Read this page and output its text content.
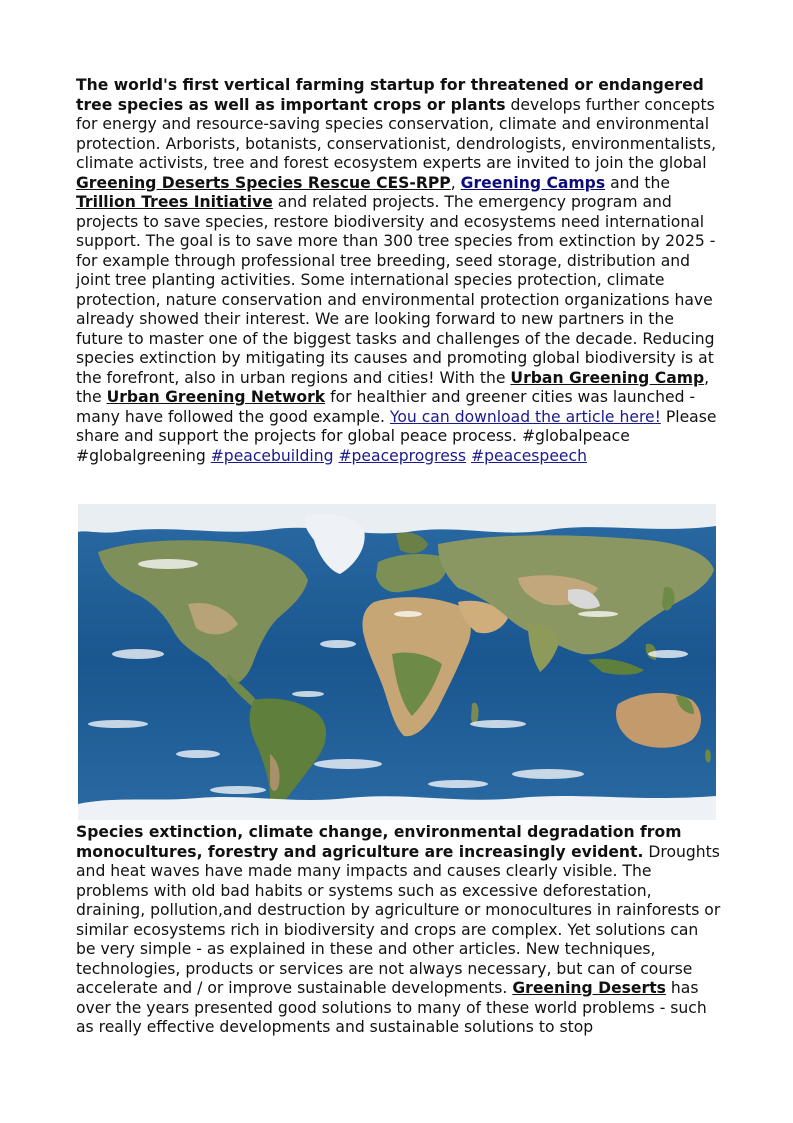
The world's first vertical farming startup for threatened or endangered tree species as well as important crops or plants develops further concepts for energy and resource-saving species conservation, climate and environmental protection. Arborists, botanists, conservationist, dendrologists, environmentalists, climate activists, tree and forest ecosystem experts are invited to join the global Greening Deserts Species Rescue CES-RPP, Greening Camps and the Trillion Trees Initiative and related projects. The emergency program and projects to save species, restore biodiversity and ecosystems need international support. The goal is to save more than 300 tree species from extinction by 2025 - for example through professional tree breeding, seed storage, distribution and joint tree planting activities. Some international species protection, climate protection, nature conservation and environmental protection organizations have already showed their interest. We are looking forward to new partners in the future to master one of the biggest tasks and challenges of the decade. Reducing species extinction by mitigating its causes and promoting global biodiversity is at the forefront, also in urban regions and cities! With the Urban Greening Camp, the Urban Greening Network for healthier and greener cities was launched - many have followed the good example. You can download the article here! Please share and support the projects for global peace process. #globalpeace #globalgreening #peacebuilding #peaceprogress #peacespeech
Species extinction, climate change, environmental degradation from monocultures, forestry and agriculture are increasingly evident. Droughts and heat waves have made many impacts and causes clearly visible. The problems with old bad habits or systems such as excessive deforestation, draining, pollution,and destruction by agriculture or monocultures in rainforests or similar ecosystems rich in biodiversity and crops are complex. Yet solutions can be very simple - as explained in these and other articles. New techniques, technologies, products or services are not always necessary, but can of course accelerate and / or improve sustainable developments. Greening Deserts has over the years presented good solutions to many of these world problems - such as really effective developments and sustainable solutions to stop
